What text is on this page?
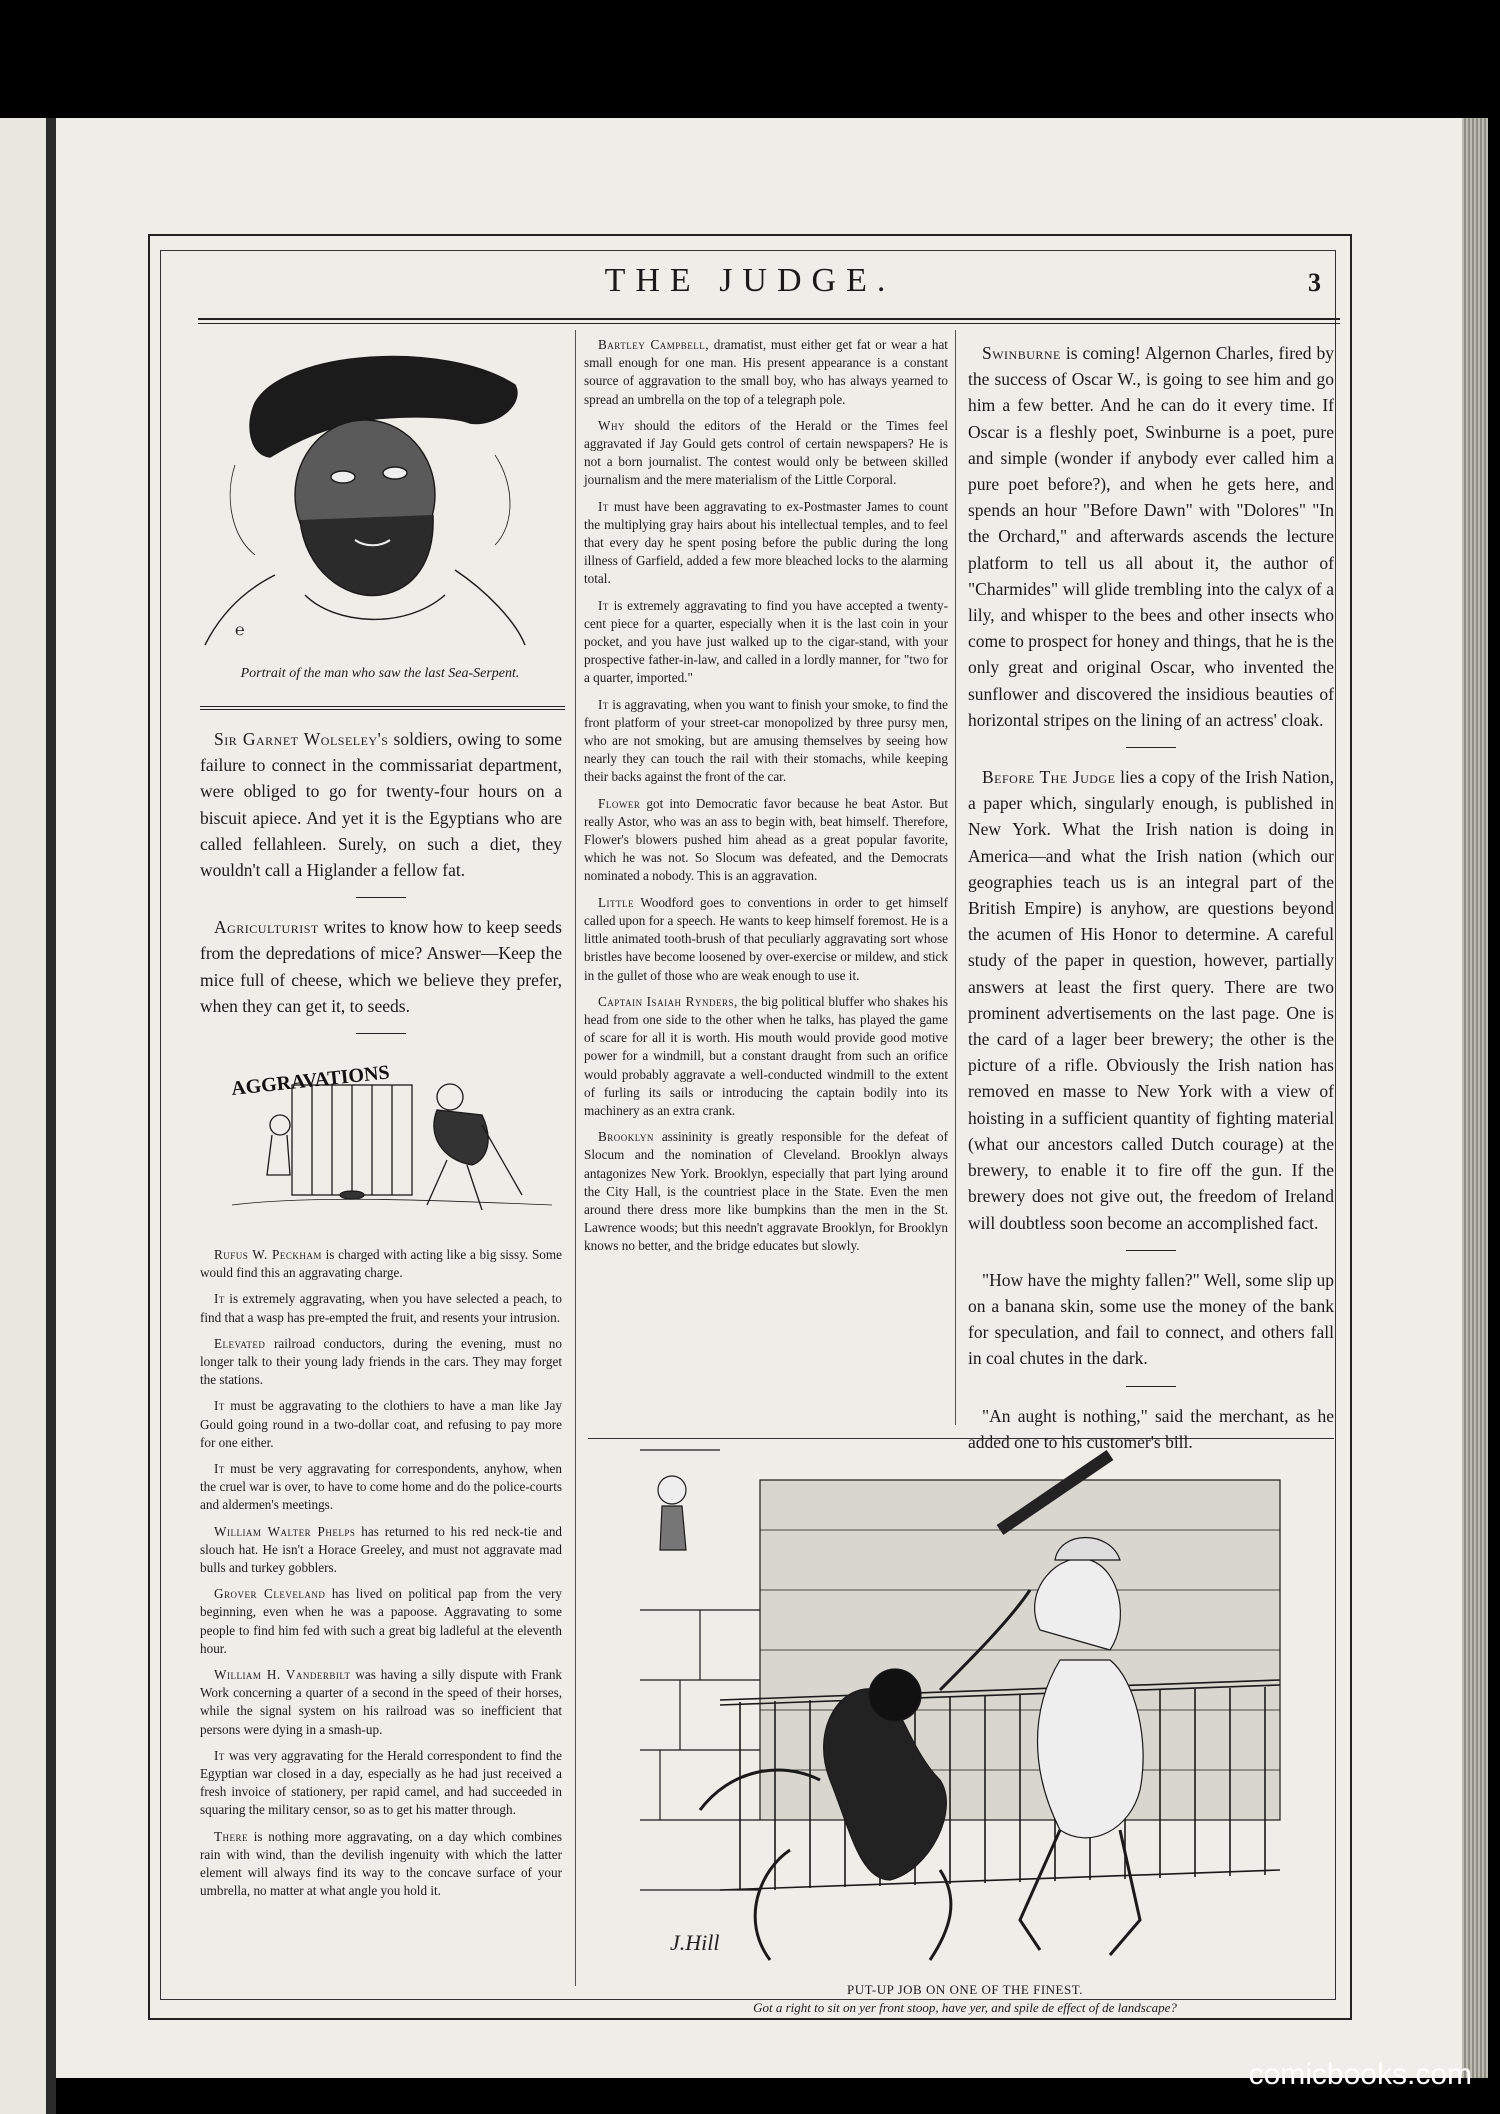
THE JUDGE.	3
℮
Portrait of the man who saw the last Sea-Serpent.

Sir Garnet Wolseley's soldiers, owing to some failure to connect in the commissariat department, were obliged to go for twenty-four hours on a biscuit apiece. And yet it is the Egyptians who are called fellahleen. Surely, on such a diet, they wouldn't call a Higlander a fellow fat.

Agriculturist writes to know how to keep seeds from the depredations of mice? Answer—Keep the mice full of cheese, which we believe they prefer, when they can get it, to seeds.

AGGRAVATIONS

Rufus W. Peckham is charged with acting like a big sissy. Some would find this an aggravating charge.

It is extremely aggravating, when you have selected a peach, to find that a wasp has pre-empted the fruit, and resents your intrusion.

Elevated railroad conductors, during the evening, must no longer talk to their young lady friends in the cars. They may forget the stations.

It must be aggravating to the clothiers to have a man like Jay Gould going round in a two-dollar coat, and refusing to pay more for one either.

It must be very aggravating for correspondents, anyhow, when the cruel war is over, to have to come home and do the police-courts and aldermen's meetings.

William Walter Phelps has returned to his red neck-tie and slouch hat. He isn't a Horace Greeley, and must not aggravate mad bulls and turkey gobblers.

Grover Cleveland has lived on political pap from the very beginning, even when he was a papoose. Aggravating to some people to find him fed with such a great big ladleful at the eleventh hour.

William H. Vanderbilt was having a silly dispute with Frank Work concerning a quarter of a second in the speed of their horses, while the signal system on his railroad was so inefficient that persons were dying in a smash-up.

It was very aggravating for the Herald correspondent to find the Egyptian war closed in a day, especially as he had just received a fresh invoice of stationery, per rapid camel, and had succeeded in squaring the military censor, so as to get his matter through.

There is nothing more aggravating, on a day which combines rain with wind, than the devilish ingenuity with which the latter element will always find its way to the concave surface of your umbrella, no matter at what angle you hold it.

Bartley Campbell, dramatist, must either get fat or wear a hat small enough for one man. His present appearance is a constant source of aggravation to the small boy, who has always yearned to spread an umbrella on the top of a telegraph pole.

Why should the editors of the Herald or the Times feel aggravated if Jay Gould gets control of certain newspapers? He is not a born journalist. The contest would only be between skilled journalism and the mere materialism of the Little Corporal.

It must have been aggravating to ex-Postmaster James to count the multiplying gray hairs about his intellectual temples, and to feel that every day he spent posing before the public during the long illness of Garfield, added a few more bleached locks to the alarming total.

It is extremely aggravating to find you have accepted a twenty-cent piece for a quarter, especially when it is the last coin in your pocket, and you have just walked up to the cigar-stand, with your prospective father-in-law, and called in a lordly manner, for "two for a quarter, imported."

It is aggravating, when you want to finish your smoke, to find the front platform of your street-car monopolized by three pursy men, who are not smoking, but are amusing themselves by seeing how nearly they can touch the rail with their stomachs, while keeping their backs against the front of the car.

Flower got into Democratic favor because he beat Astor. But really Astor, who was an ass to begin with, beat himself. Therefore, Flower's blowers pushed him ahead as a great popular favorite, which he was not. So Slocum was defeated, and the Democrats nominated a nobody. This is an aggravation.

Little Woodford goes to conventions in order to get himself called upon for a speech. He wants to keep himself foremost. He is a little animated tooth-brush of that peculiarly aggravating sort whose bristles have become loosened by over-exercise or mildew, and stick in the gullet of those who are weak enough to use it.

Captain Isaiah Rynders, the big political bluffer who shakes his head from one side to the other when he talks, has played the game of scare for all it is worth. His mouth would provide good motive power for a windmill, but a constant draught from such an orifice would probably aggravate a well-conducted windmill to the extent of furling its sails or introducing the captain bodily into its machinery as an extra crank.

Brooklyn assininity is greatly responsible for the defeat of Slocum and the nomination of Cleveland. Brooklyn always antagonizes New York. Brooklyn, especially that part lying around the City Hall, is the countriest place in the State. Even the men around there dress more like bumpkins than the men in the St. Lawrence woods; but this needn't aggravate Brooklyn, for Brooklyn knows no better, and the bridge educates but slowly.

Swinburne is coming! Algernon Charles, fired by the success of Oscar W., is going to see him and go him a few better. And he can do it every time. If Oscar is a fleshly poet, Swinburne is a poet, pure and simple (wonder if anybody ever called him a pure poet before?), and when he gets here, and spends an hour "Before Dawn" with "Dolores" "In the Orchard," and afterwards ascends the lecture platform to tell us all about it, the author of "Charmides" will glide trembling into the calyx of a lily, and whisper to the bees and other insects who come to prospect for honey and things, that he is the only great and original Oscar, who invented the sunflower and discovered the insidious beauties of horizontal stripes on the lining of an actress' cloak.

Before The Judge lies a copy of the Irish Nation, a paper which, singularly enough, is published in New York. What the Irish nation is doing in America—and what the Irish nation (which our geographies teach us is an integral part of the British Empire) is anyhow, are questions beyond the acumen of His Honor to determine. A careful study of the paper in question, however, partially answers at least the first query. There are two prominent advertisements on the last page. One is the card of a lager beer brewery; the other is the picture of a rifle. Obviously the Irish nation has removed en masse to New York with a view of hoisting in a sufficient quantity of fighting material (what our ancestors called Dutch courage) at the brewery, to enable it to fire off the gun. If the brewery does not give out, the freedom of Ireland will doubtless soon become an accomplished fact.

"How have the mighty fallen?" Well, some slip up on a banana skin, some use the money of the bank for speculation, and fail to connect, and others fall in coal chutes in the dark.

"An aught is nothing," said the merchant, as he added one to his customer's bill.

J.Hill
PUT-UP JOB ON ONE OF THE FINEST.
Got a right to sit on yer front stoop, have yer, and spile de effect of de landscape?
comicbooks.com
